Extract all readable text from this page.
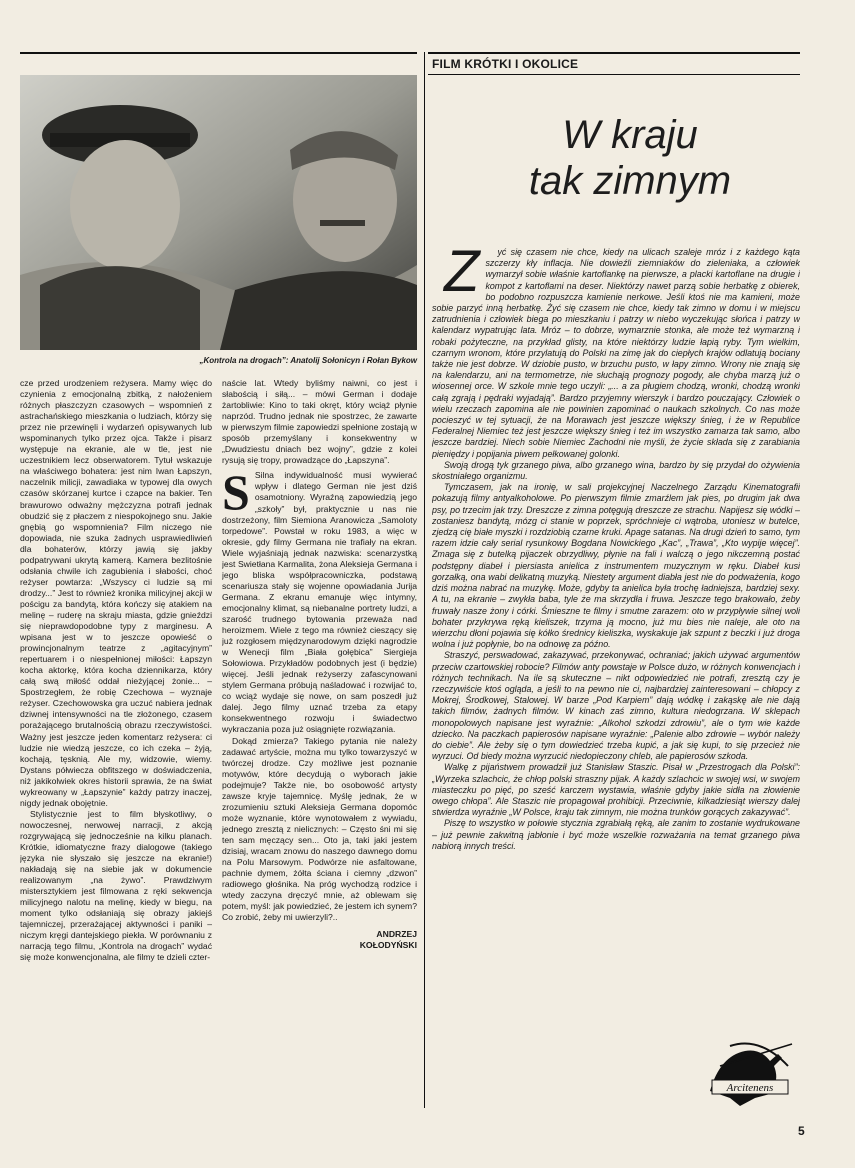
„Kontrola na drogach”: Anatolij Sołonicyn i Rołan Bykow

cze przed urodzeniem reżysera. Mamy więc do czynienia z emocjonalną zbitką, z nałożeniem różnych płaszczyzn czasowych – wspomnień z astrachańskiego mieszkania o ludziach, którzy się przez nie przewinęli i wydarzeń opisywanych lub wspominanych tylko przez ojca. Także i pisarz występuje na ekranie, ale w tle, jest nie uczestnikiem lecz obserwatorem. Tytuł wskazuje na właściwego bohatera: jest nim Iwan Łapszyn, naczelnik milicji, zawadiaka w typowej dla owych czasów skórzanej kurtce i czapce na bakier. Ten brawurowo odważny mężczyzna potrafi jednak obudzić się z płaczem z niespokojnego snu. Jakie gnębią go wspomnienia? Film niczego nie dopowiada, nie szuka żadnych usprawiedliwień dla bohaterów, którzy jawią się jakby podpatrywani ukrytą kamerą. Kamera bezlitośnie odsłania chwile ich zagubienia i słabości, choć reżyser powtarza: „Wszyscy ci ludzie są mi drodzy...” Jest to również kronika milicyjnej akcji w pościgu za bandytą, która kończy się atakiem na melinę – ruderę na skraju miasta, gdzie gnieździ się nieprawdopodobne typy z marginesu. A wpisana jest w to jeszcze opowieść o prowincjonalnym teatrze z „agitacyjnym” repertuarem i o niespełnionej miłości: Łapszyn kocha aktorkę, która kocha dziennikarza, który całą swą miłość oddał nieżyjącej żonie... – Spostrzegłem, że robię Czechowa – wyznaje reżyser. Czechowowska gra uczuć nabiera jednak dziwnej intensywności na tle złożonego, czasem porażającego brutalnością obrazu rzeczywistości. Ważny jest jeszcze jeden komentarz reżysera: ci ludzie nie wiedzą jeszcze, co ich czeka – żyją, kochają, tęsknią. Ale my, widzowie, wiemy. Dystans półwiecza obfitszego w doświadczenia, niż jakikolwiek okres historii sprawia, że na świat wykreowany w „Łapszynie” każdy patrzy inaczej, nigdy jednak obojętnie.

Stylistycznie jest to film błyskotliwy, o nowoczesnej, nerwowej narracji, z akcją rozgrywającą się jednocześnie na kilku planach. Krótkie, idiomatyczne frazy dialogowe (takiego języka nie słyszało się jeszcze na ekranie!) nakładają się na siebie jak w dokumencie realizowanym „na żywo”. Prawdziwym mistersztykiem jest filmowana z ręki sekwencja milicyjnego nalotu na melinę, kiedy w biegu, na moment tylko odsłaniają się obrazy jakiejś tajemniczej, przerażającej aktywności i paniki – niczym kręgi dantejskiego piekła. W porównaniu z narracją tego filmu, „Kontrola na drogach” wydać się może konwencjonalna, ale filmy te dzieli czter-

naście lat. Wtedy byliśmy naiwni, co jest i słabością i siłą... – mówi German i dodaje żartobliwie: Kino to taki okręt, który wciąż płynie naprzód. Trudno jednak nie spostrzec, że zawarte w pierwszym filmie zapowiedzi spełnione zostają w sposób przemyślany i konsekwentny w „Dwudziestu dniach bez wojny”, gdzie z kolei rysują się tropy, prowadzące do „Łapszyna”.

S Silna indywidualność musi wywierać wpływ i dlatego German nie jest dziś osamotniony. Wyraźną zapowiedzią jego „szkoły” był, praktycznie u nas nie dostrzeżony, film Siemiona Aranowicza „Samoloty torpedowe”. Powstał w roku 1983, a więc w okresie, gdy filmy Germana nie trafiały na ekran. Wiele wyjaśniają jednak nazwiska: scenarzystką jest Swietłana Karmalita, żona Aleksieja Germana i jego bliska współpracowniczka, podstawą scenariusza stały się wojenne opowiadania Jurija Germana. Z ekranu emanuje więc intymny, emocjonalny klimat, są niebanalne portrety ludzi, a szarość trudnego bytowania przeważa nad heroizmem. Wiele z tego ma również cieszący się już rozgłosem międzynarodowym dzięki nagrodzie w Wenecji film „Biała gołębica” Siergieja Sołowiowa. Przykładów podobnych jest (i będzie) więcej. Jeśli jednak reżyserzy zafascynowani stylem Germana próbują naśladować i rozwijać to, co wciąż wydaje się nowe, on sam poszedł już dalej. Jego filmy uznać trzeba za etapy konsekwentnego rozwoju i świadectwo wykraczania poza już osiągnięte rozwiązania.

Dokąd zmierza? Takiego pytania nie należy zadawać artyście, można mu tylko towarzyszyć w twórczej drodze. Czy możliwe jest poznanie motywów, które decydują o wyborach jakie podejmuje? Także nie, bo osobowość artysty zawsze kryje tajemnicę. Myślę jednak, że w zrozumieniu sztuki Aleksieja Germana dopomóc może wyznanie, które wynotowałem z wywiadu, jednego zresztą z nielicznych: – Często śni mi się ten sam męczący sen... Oto ja, taki jaki jestem dzisiaj, wracam znowu do naszego dawnego domu na Polu Marsowym. Podwórze nie asfaltowane, pachnie dymem, żółta ściana i ciemny „dzwon” radiowego głośnika. Na próg wychodzą rodzice i wtedy zaczyna dręczyć mnie, aż oblewam się potem, myśl: jak powiedzieć, że jestem ich synem? Co zrobić, żeby mi uwierzyli?..

ANDRZEJ
KOŁODYŃSKI
FILM KRÓTKI I OKOLICE
W kraju
tak zimnym

Z yć się czasem nie chce, kiedy na ulicach szaleje mróz i z każdego kąta szczerzy kły inflacja. Nie dowieźli ziemniaków do zieleniaka, a człowiek wymarzył sobie właśnie kartoflankę na pierwsze, a placki kartoflane na drugie i kompot z kartoflami na deser. Niektórzy nawet parzą sobie herbatkę z obierek, bo podobno rozpuszcza kamienie nerkowe. Jeśli ktoś nie ma kamieni, może sobie parzyć inną herbatkę. Żyć się czasem nie chce, kiedy tak zimno w domu i w miejscu zatrudnienia i człowiek biega po mieszkaniu i patrzy w niebo wyczekując słońca i patrzy w kalendarz wypatrując lata. Mróz – to dobrze, wymarznie stonka, ale może też wymarzną i robaki pożyteczne, na przykład glisty, na które niektórzy ludzie łapią ryby. Tym wielkim, czarnym wronom, które przylatują do Polski na zimę jak do ciepłych krajów odlatują bociany także nie jest dobrze. W dziobie pusto, w brzuchu pusto, w łapy zimno. Wrony nie znają się na kalendarzu, ani na termometrze, nie słuchają prognozy pogody, ale chyba marzą już o wiosennej orce. W szkole mnie tego uczyli: „... a za pługiem chodzą, wronki, chodzą wronki całą zgrają i pędraki wyjadają”. Bardzo przyjemny wierszyk i bardzo pouczający. Człowiek o wielu rzeczach zapomina ale nie powinien zapominać o naukach szkolnych. Co nas może pocieszyć w tej sytuacji, że na Morawach jest jeszcze większy śnieg, i że w Republice Federalnej Niemiec też jest jeszcze większy śnieg i też im wszystko zamarza tak samo, albo jeszcze bardziej. Niech sobie Niemiec Zachodni nie myśli, że życie składa się z zarabiania pieniędzy i popijania piwem pełkowanej golonki.

Swoją drogą tyk grzanego piwa, albo grzanego wina, bardzo by się przydał do ożywienia skostniałego organizmu.

Tymczasem, jak na ironię, w sali projekcyjnej Naczelnego Zarządu Kinematografii pokazują filmy antyalkoholowe. Po pierwszym filmie zmarźlem jak pies, po drugim jak dwa psy, po trzecim jak trzy. Dreszcze z zimna potęgują dreszcze ze strachu. Napijesz się wódki – zostaniesz bandytą, mózg ci stanie w poprzek, spróchnieje ci wątroba, utoniesz w butelce, zjedzą cię białe myszki i rozdziobią czarne kruki. Apage satanas. Na drugi dzień to samo, tym razem idzie cały serial rysunkowy Bogdana Nowickiego „Kac”, „Trawa”, „Kto wypije więcej”. Zmaga się z butelką pijaczek obrzydliwy, płynie na fali i walczą o jego nikczemną postać podstępny diabeł i piersiasta anielica z instrumentem muzycznym w ręku. Diabeł kusi gorzałką, ona wabi delikatną muzyką. Niestety argument diabła jest nie do podważenia, kogo dziś można nabrać na muzykę. Może, gdyby ta anielica była trochę ładniejsza, bardziej sexy. A tu, na ekranie – zwykła baba, tyle że ma skrzydła i fruwa. Jeszcze tego brakowało, żeby fruwały nasze żony i córki. Śmieszne te filmy i smutne zarazem: oto w przypływie silnej woli bohater przykrywa ręką kieliszek, trzyma ją mocno, już mu bies nie naleje, ale oto na wierzchu dłoni pojawia się kółko średnicy kieliszka, wyskakuje jak szpunt z beczki i już droga wolna i już popłynie, bo na odnowę za późno.

Straszyć, perswadować, zakazywać, przekonywać, ochraniać; jakich używać argumentów przeciw czartowskiej robocie? Filmów anty powstaje w Polsce dużo, w różnych konwencjach i różnych technikach. Na ile są skuteczne – nikt odpowiedzieć nie potrafi, zresztą czy je rzeczywiście ktoś ogląda, a jeśli to na pewno nie ci, najbardziej zainteresowani – chłopcy z Mokrej, Środkowej, Stalowej. W barze „Pod Karpiem” dają wódkę i zakąskę ale nie dają takich filmów, żadnych filmów. W kinach zaś zimno, kultura niedogrzana. W sklepach monopolowych napisane jest wyraźnie: „Alkohol szkodzi zdrowiu”, ale o tym wie każde dziecko. Na paczkach papierosów napisane wyraźnie: „Palenie albo zdrowie – wybór należy do ciebie”. Ale żeby się o tym dowiedzieć trzeba kupić, a jak się kupi, to się przecież nie wyrzuci. Od biedy można wyrzucić niedopieczony chleb, ale papierosów szkoda.

Walkę z pijaństwem prowadził już Stanisław Staszic. Pisał w „Przestrogach dla Polski”: „Wyrzeka szlachcic, że chłop polski straszny pijak. A każdy szlachcic w swojej wsi, w swojem miasteczku po pięć, po sześć karczem wystawia, właśnie gdyby jakie sidła na złowienie owego chłopa”. Ale Staszic nie propagował prohibicji. Przeciwnie, kilkadziesiąt wierszy dalej stwierdza wyraźnie „W Polsce, kraju tak zimnym, nie można trunków gorących zakazywać”.

Piszę to wszystko w połowie stycznia zgrabiałą ręką, ale zanim to zostanie wydrukowane – już pewnie zakwitną jabłonie i być może wszelkie rozważania na temat grzanego piwa nabiorą innych treści.

Arcitenens
5
